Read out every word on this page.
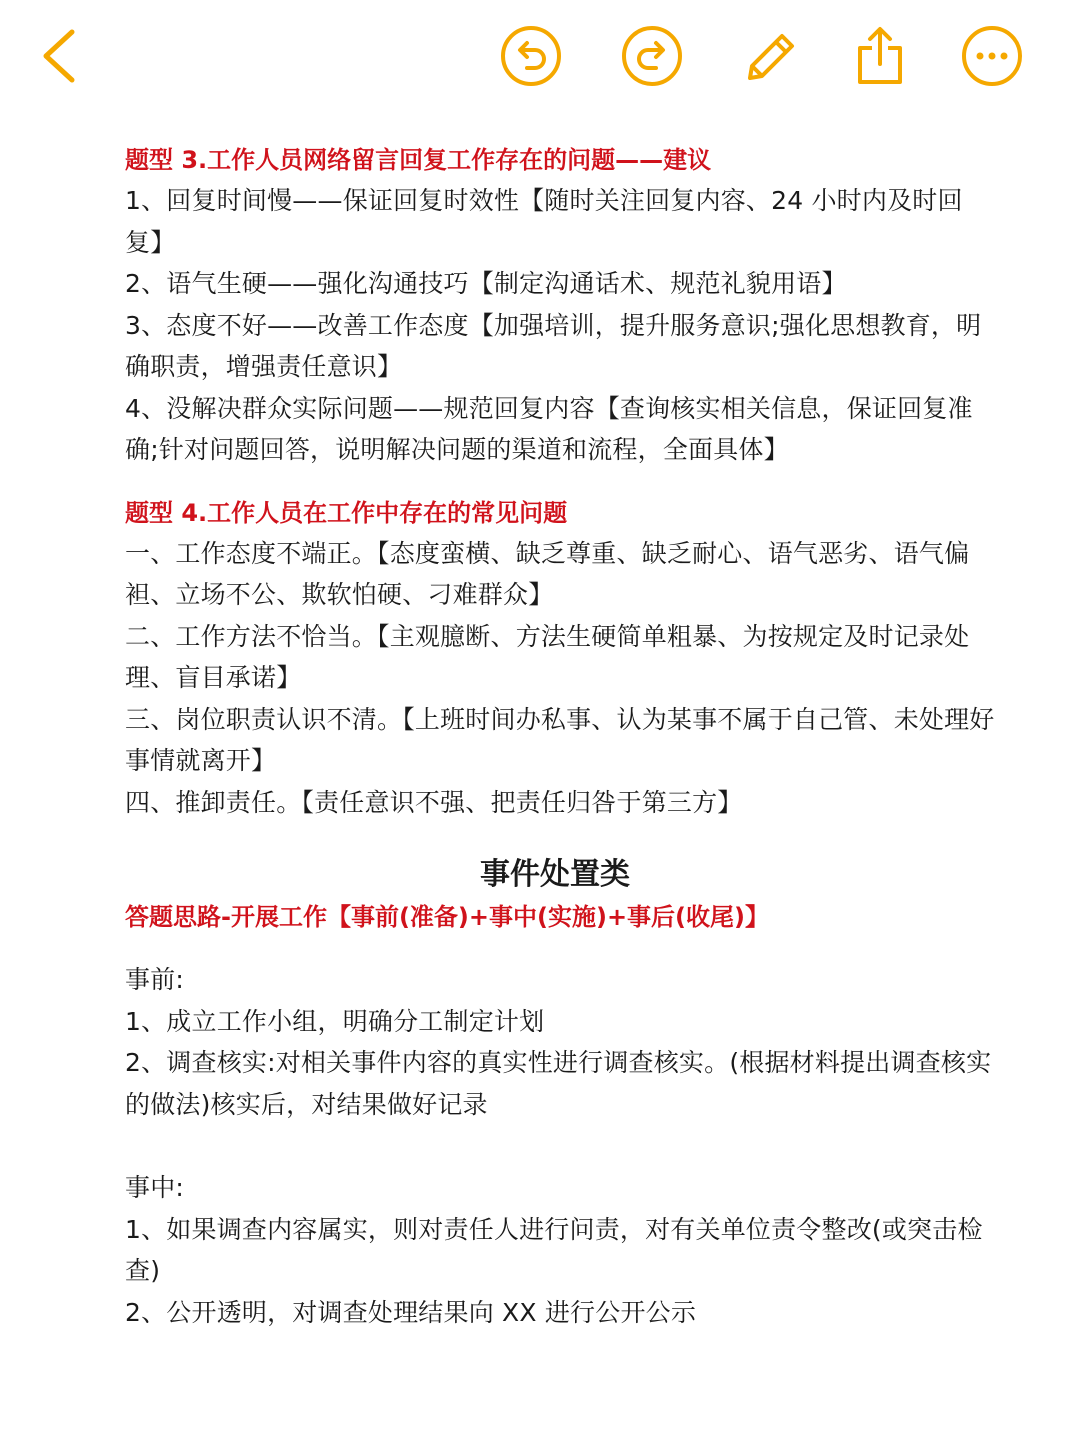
题型 3.工作人员网络留言回复工作存在的问题——建议

1、回复时间慢——保证回复时效性【随时关注回复内容、24 小时内及时回复】

2、语气生硬——强化沟通技巧【制定沟通话术、规范礼貌用语】

3、态度不好——改善工作态度【加强培训，提升服务意识;强化思想教育，明确职责，增强责任意识】

4、没解决群众实际问题——规范回复内容【查询核实相关信息，保证回复准确;针对问题回答，说明解决问题的渠道和流程，全面具体】

题型 4.工作人员在工作中存在的常见问题

一、工作态度不端正。【态度蛮横、缺乏尊重、缺乏耐心、语气恶劣、语气偏袒、立场不公、欺软怕硬、刁难群众】

二、工作方法不恰当。【主观臆断、方法生硬简单粗暴、为按规定及时记录处理、盲目承诺】

三、岗位职责认识不清。【上班时间办私事、认为某事不属于自己管、未处理好事情就离开】

四、推卸责任。【责任意识不强、把责任归咎于第三方】

事件处置类

答题思路-开展工作【事前(准备)+事中(实施)+事后(收尾)】

事前:

1、成立工作小组，明确分工制定计划

2、调查核实:对相关事件内容的真实性进行调查核实。(根据材料提出调查核实的做法)核实后，对结果做好记录

事中:

1、如果调查内容属实，则对责任人进行问责，对有关单位责令整改(或突击检查)

2、公开透明，对调查处理结果向 XX 进行公开公示
